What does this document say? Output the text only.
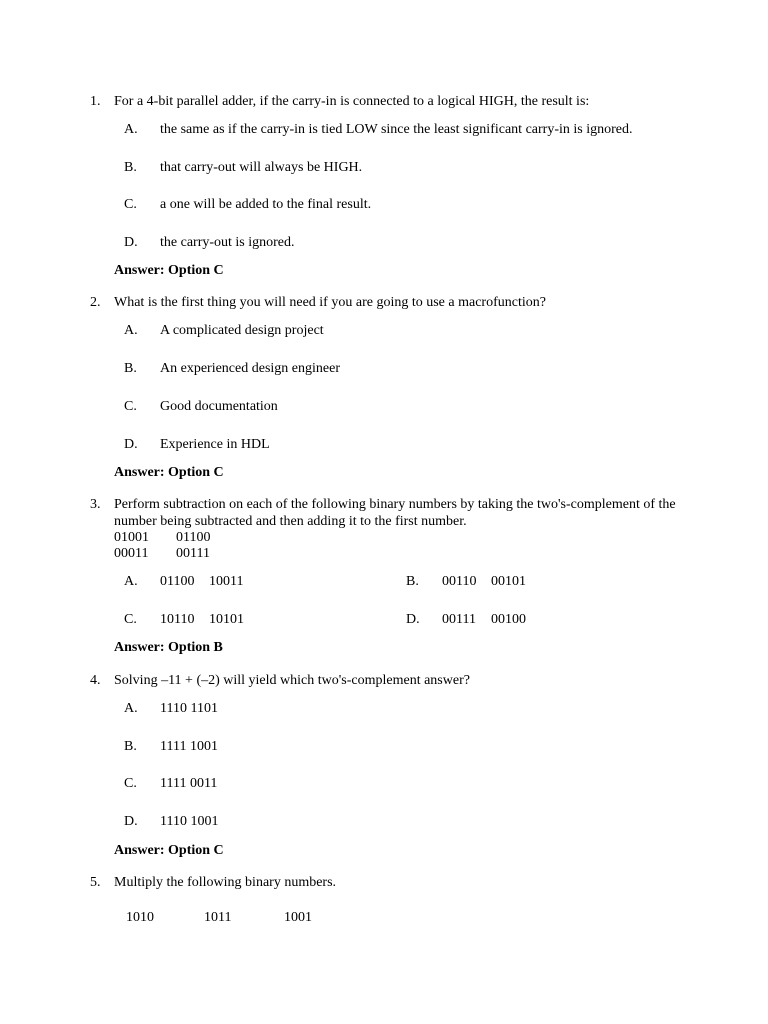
1. For a 4-bit parallel adder, if the carry-in is connected to a logical HIGH, the result is:
A. the same as if the carry-in is tied LOW since the least significant carry-in is ignored.
B. that carry-out will always be HIGH.
C. a one will be added to the final result.
D. the carry-out is ignored.
Answer: Option C
2. What is the first thing you will need if you are going to use a macrofunction?
A. A complicated design project
B. An experienced design engineer
C. Good documentation
D. Experience in HDL
Answer: Option C
3. Perform subtraction on each of the following binary numbers by taking the two's-complement of the number being subtracted and then adding it to the first number.
01001 01100
00011 00111
A. 01100 10011	B. 00110 00101
C. 10110 10101	D. 00111 00100
Answer: Option B
4. Solving –11 + (–2) will yield which two's-complement answer?
A. 1110 1101
B. 1111 1001
C. 1111 0011
D. 1110 1001
Answer: Option C
5. Multiply the following binary numbers.
1010	1011	1001
